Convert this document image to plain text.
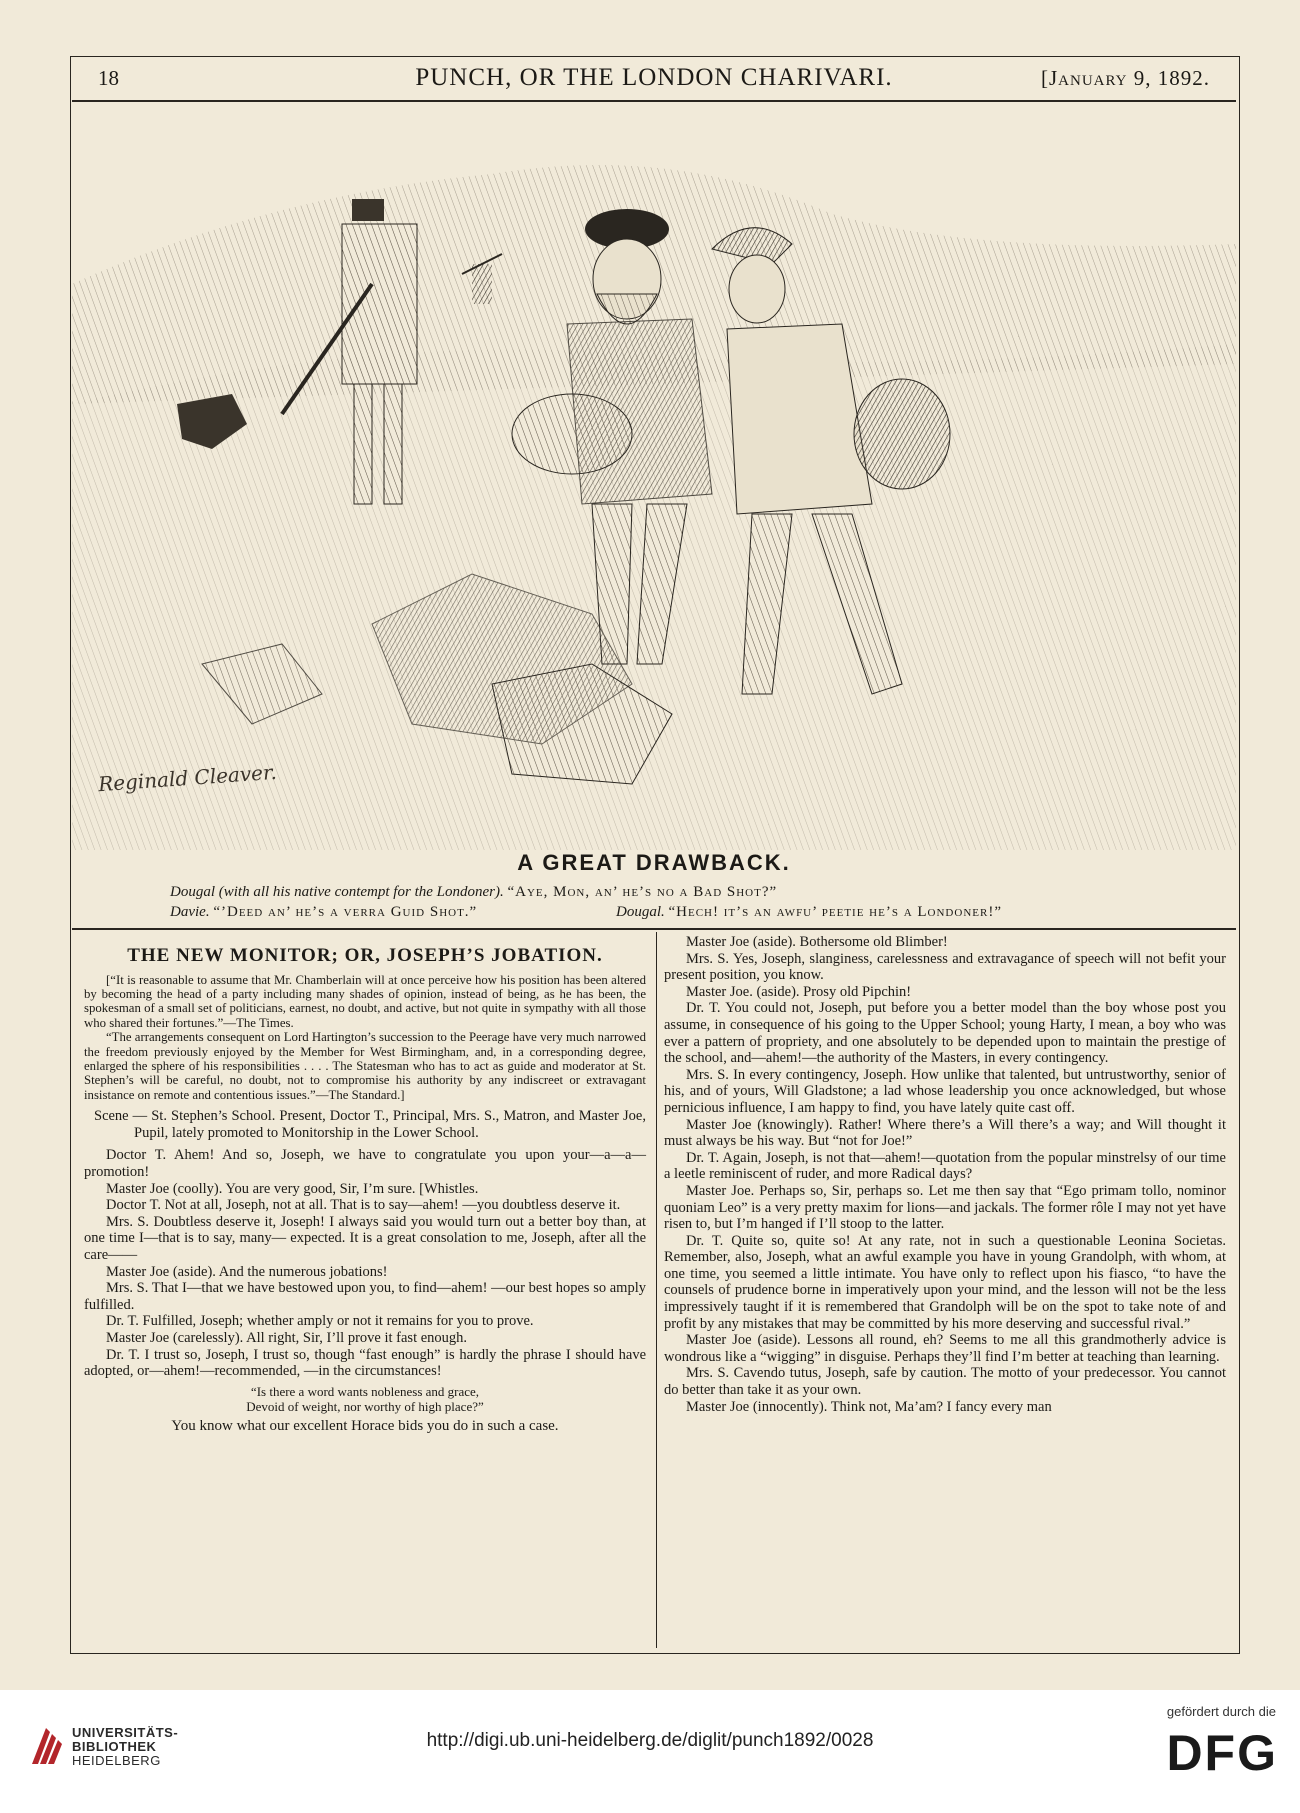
18	PUNCH, OR THE LONDON CHARIVARI.	[January 9, 1892.
Reginald Cleaver.
A GREAT DRAWBACK.
Dougal (with all his native contempt for the Londoner). “Aye, Mon, an’ he’s no a Bad Shot?”
Davie. “’Deed an’ he’s a verra Guid Shot.”	Dougal. “Hech! it’s an awfu’ peetie he’s a Londoner!”
THE NEW MONITOR; OR, JOSEPH’S JOBATION.

[“It is reasonable to assume that Mr. Chamberlain will at once perceive how his position has been altered by becoming the head of a party including many shades of opinion, instead of being, as he has been, the spokesman of a small set of politicians, earnest, no doubt, and active, but not quite in sympathy with all those who shared their fortunes.”—The Times.

“The arrangements consequent on Lord Hartington’s succession to the Peerage have very much narrowed the freedom previously enjoyed by the Member for West Birmingham, and, in a corresponding degree, enlarged the sphere of his responsibilities . . . . The Statesman who has to act as guide and moderator at St. Stephen’s will be careful, no doubt, not to compromise his authority by any indiscreet or extravagant insistance on remote and contentious issues.”—The Standard.]

Scene — St. Stephen’s School. Present, Doctor T., Principal, Mrs. S., Matron, and Master Joe, Pupil, lately promoted to Monitorship in the Lower School.

Doctor T. Ahem! And so, Joseph, we have to congratulate you upon your—a—a—promotion!

Master Joe (coolly). You are very good, Sir, I’m sure. [Whistles.

Doctor T. Not at all, Joseph, not at all. That is to say—ahem! —you doubtless deserve it.

Mrs. S. Doubtless deserve it, Joseph! I always said you would turn out a better boy than, at one time I—that is to say, many— expected. It is a great consolation to me, Joseph, after all the care——

Master Joe (aside). And the numerous jobations!

Mrs. S. That I—that we have bestowed upon you, to find—ahem! —our best hopes so amply fulfilled.

Dr. T. Fulfilled, Joseph; whether amply or not it remains for you to prove.

Master Joe (carelessly). All right, Sir, I’ll prove it fast enough.

Dr. T. I trust so, Joseph, I trust so, though “fast enough” is hardly the phrase I should have adopted, or—ahem!—recommended, —in the circumstances!

“Is there a word wants nobleness and grace,
Devoid of weight, nor worthy of high place?”

You know what our excellent Horace bids you do in such a case.

Master Joe (aside). Bothersome old Blimber!

Mrs. S. Yes, Joseph, slanginess, carelessness and extravagance of speech will not befit your present position, you know.

Master Joe. (aside). Prosy old Pipchin!

Dr. T. You could not, Joseph, put before you a better model than the boy whose post you assume, in consequence of his going to the Upper School; young Harty, I mean, a boy who was ever a pattern of propriety, and one absolutely to be depended upon to maintain the prestige of the school, and—ahem!—the authority of the Masters, in every contingency.

Mrs. S. In every contingency, Joseph. How unlike that talented, but untrustworthy, senior of his, and of yours, Will Gladstone; a lad whose leadership you once acknowledged, but whose pernicious influence, I am happy to find, you have lately quite cast off.

Master Joe (knowingly). Rather! Where there’s a Will there’s a way; and Will thought it must always be his way. But “not for Joe!”

Dr. T. Again, Joseph, is not that—ahem!—quotation from the popular minstrelsy of our time a leetle reminiscent of ruder, and more Radical days?

Master Joe. Perhaps so, Sir, perhaps so. Let me then say that “Ego primam tollo, nominor quoniam Leo” is a very pretty maxim for lions—and jackals. The former rôle I may not yet have risen to, but I’m hanged if I’ll stoop to the latter.

Dr. T. Quite so, quite so! At any rate, not in such a questionable Leonina Societas. Remember, also, Joseph, what an awful example you have in young Grandolph, with whom, at one time, you seemed a little intimate. You have only to reflect upon his fiasco, “to have the counsels of prudence borne in imperatively upon your mind, and the lesson will not be the less impressively taught if it is remembered that Grandolph will be on the spot to take note of and profit by any mistakes that may be committed by his more deserving and successful rival.”

Master Joe (aside). Lessons all round, eh? Seems to me all this grandmotherly advice is wondrous like a “wigging” in disguise. Perhaps they’ll find I’m better at teaching than learning.

Mrs. S. Cavendo tutus, Joseph, safe by caution. The motto of your predecessor. You cannot do better than take it as your own.

Master Joe (innocently). Think not, Ma’am? I fancy every man

UNIVERSITÄTS-
BIBLIOTHEK
HEIDELBERG
http://digi.ub.uni-heidelberg.de/diglit/punch1892/0028
gefördert durch die
DFG
